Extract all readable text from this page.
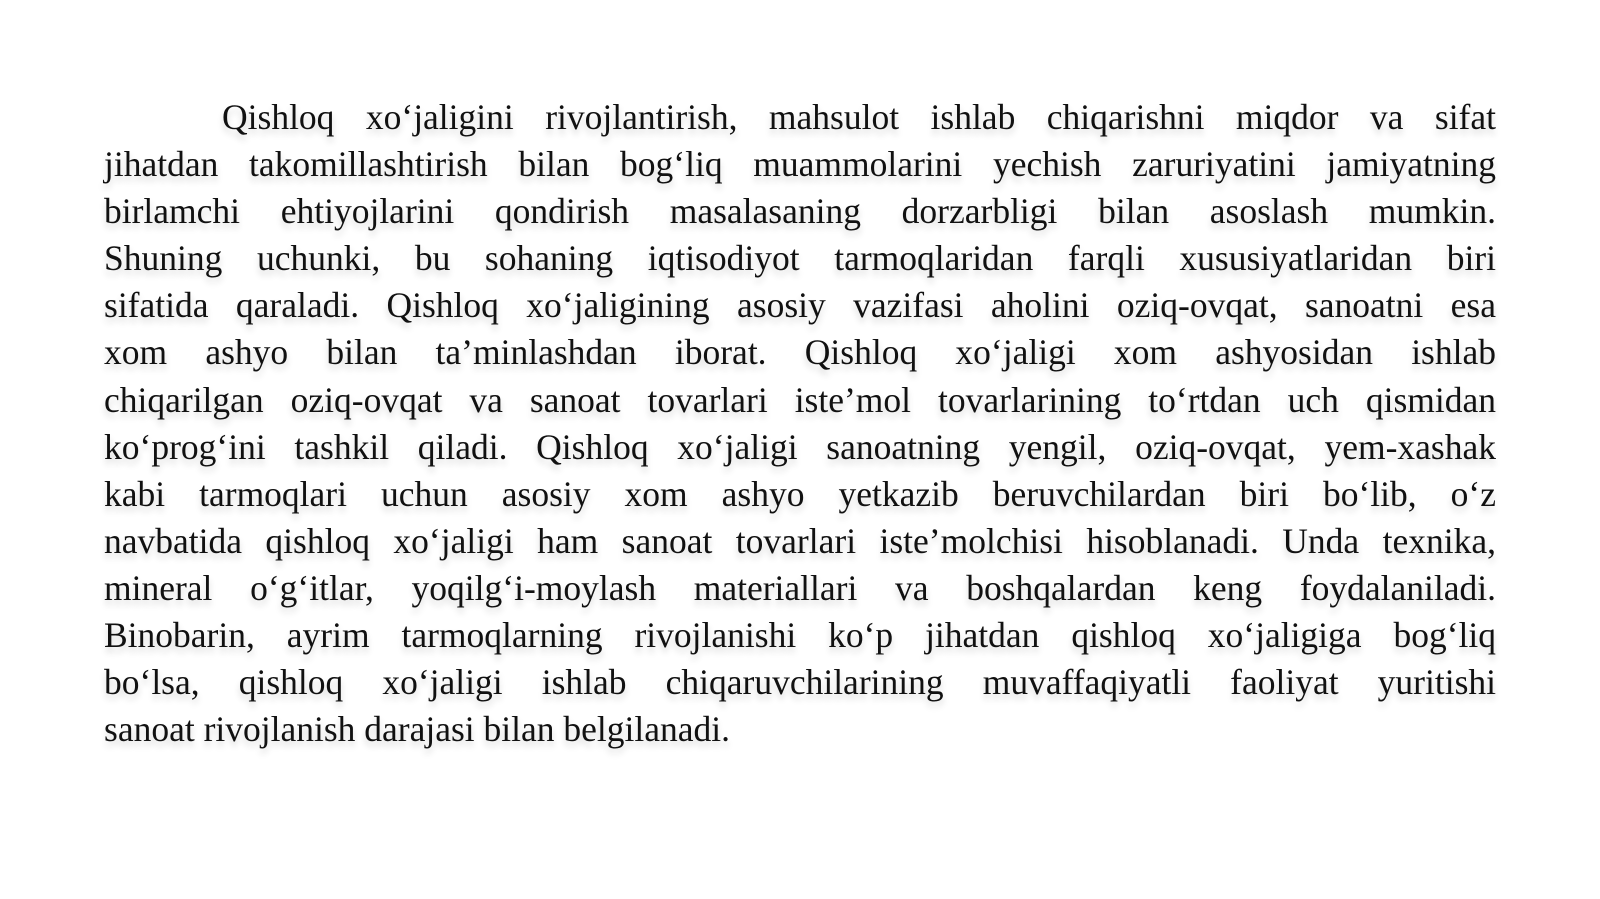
Qishloq xo‘jaligini rivojlantirish, mahsulot ishlab chiqarishni miqdor va sifat
jihatdan takomillashtirish bilan bog‘liq muammolarini yechish zaruriyatini jamiyatning
birlamchi ehtiyojlarini qondirish masalasaning dorzarbligi bilan asoslash mumkin.
Shuning uchunki, bu sohaning iqtisodiyot tarmoqlaridan farqli xususiyatlaridan biri
sifatida qaraladi. Qishloq xo‘jaligining asosiy vazifasi aholini oziq-ovqat, sanoatni esa
xom ashyo bilan ta’minlashdan iborat. Qishloq xo‘jaligi xom ashyosidan ishlab
chiqarilgan oziq-ovqat va sanoat tovarlari iste’mol tovarlarining to‘rtdan uch qismidan
ko‘prog‘ini tashkil qiladi. Qishloq xo‘jaligi sanoatning yengil, oziq-ovqat, yem-xashak
kabi tarmoqlari uchun asosiy xom ashyo yetkazib beruvchilardan biri bo‘lib, o‘z
navbatida qishloq xo‘jaligi ham sanoat tovarlari iste’molchisi hisoblanadi. Unda texnika,
mineral o‘g‘itlar, yoqilg‘i-moylash materiallari va boshqalardan keng foydalaniladi.
Binobarin, ayrim tarmoqlarning rivojlanishi ko‘p jihatdan qishloq xo‘jaligiga bog‘liq
bo‘lsa, qishloq xo‘jaligi ishlab chiqaruvchilarining muvaffaqiyatli faoliyat yuritishi
sanoat rivojlanish darajasi bilan belgilanadi.
